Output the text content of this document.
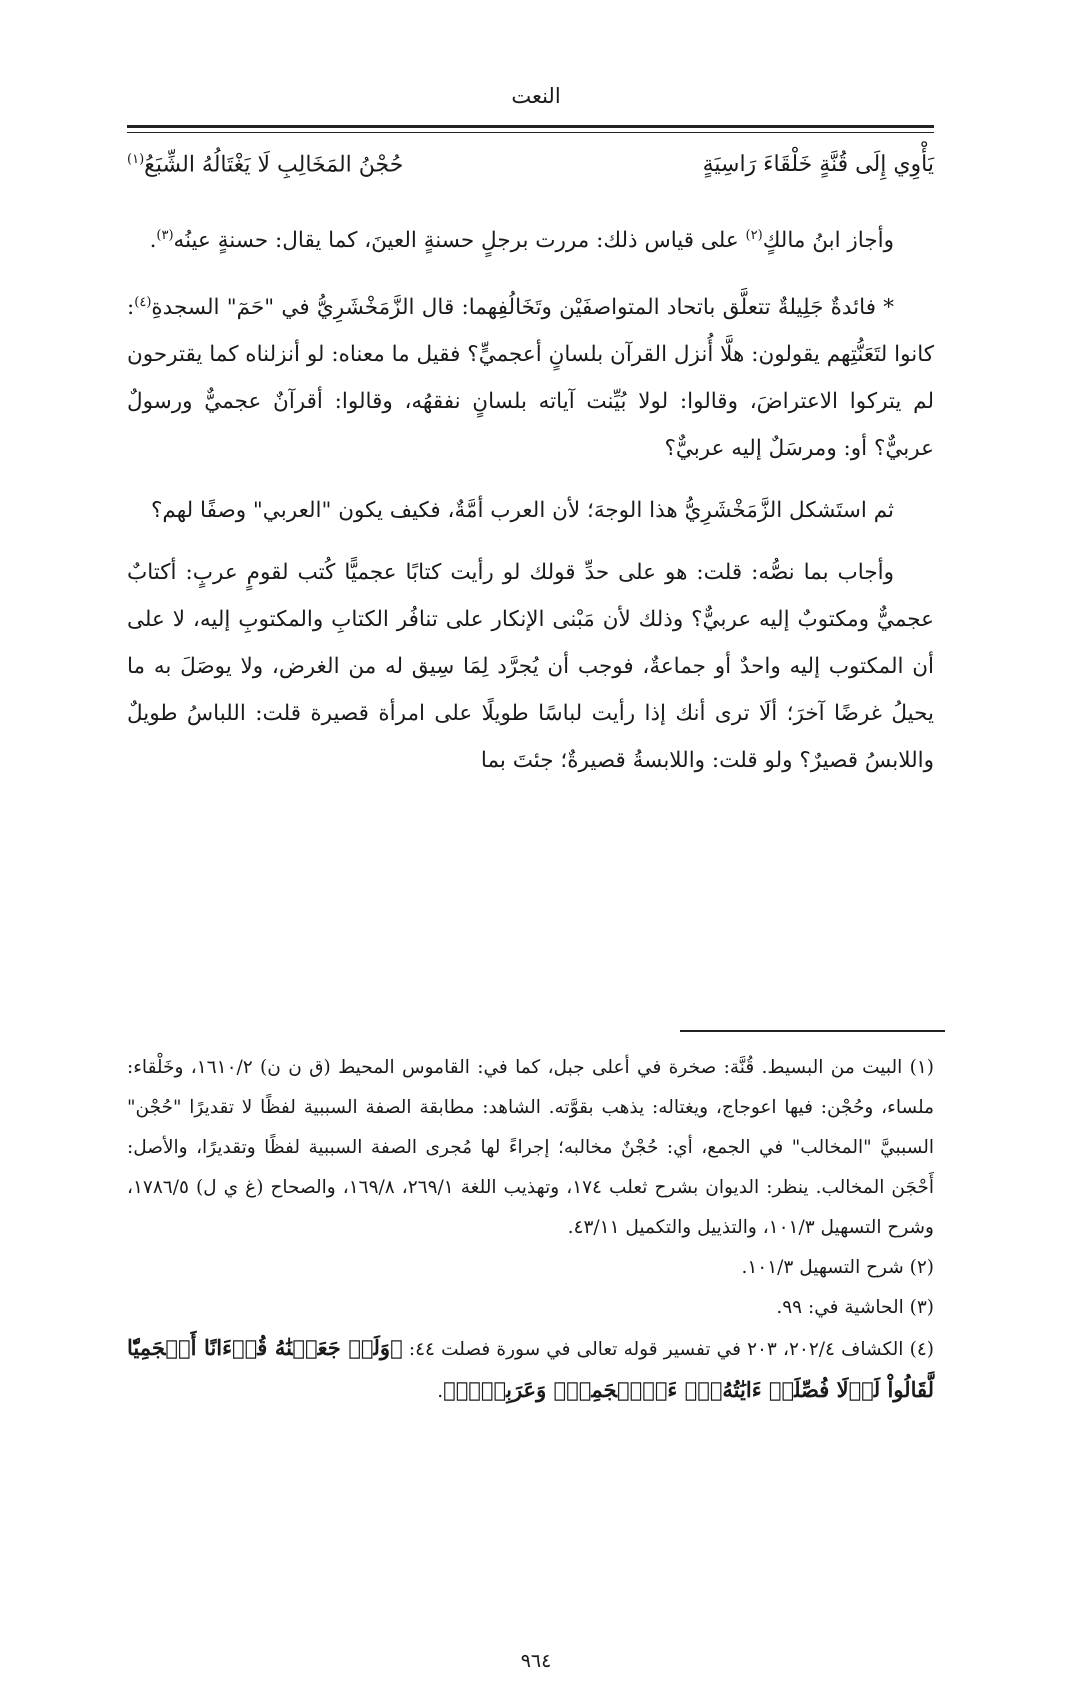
النعت
يَأْوِي إِلَى قُنَّةٍ خَلْقَاءَ رَاسِيَةٍ
حُجْنُ المَخَالِبِ لَا يَغْتَالُهُ الشِّبَعُ$^{(١)}$

وأجاز ابنُ مالكٍ$^{(٢)}$ على قياس ذلك: مررت برجلٍ حسنةٍ العينَ، كما يقال: حسنةٍ عينُه$^{(٣)}$.

* فائدةٌ جَلِيلةٌ تتعلَّق باتحاد المتواصفَيْن وتَخَالُفِهما: قال الزَّمَخْشَرِيُّ في "حَمٓ" السجدةِ$^{(٤)}$: كانوا لتَعَنُّتِهم يقولون: هلَّا أُنزل القرآن بلسانٍ أعجميٍّ؟ فقيل ما معناه: لو أنزلناه كما يقترحون لم يتركوا الاعتراضَ، وقالوا: لولا بُيِّنت آياته بلسانٍ نفقهُه، وقالوا: أقرآنٌ عجميٌّ ورسولٌ عربيٌّ؟ أو: ومرسَلٌ إليه عربيٌّ؟

ثم استَشكل الزَّمَخْشَرِيُّ هذا الوجهَ؛ لأن العرب أمَّةٌ، فكيف يكون "العربي" وصفًا لهم؟

وأجاب بما نصُّه: قلت: هو على حدِّ قولك لو رأيت كتابًا عجميًّا كُتب لقومٍ عربٍ: أكتابٌ عجميٌّ ومكتوبٌ إليه عربيٌّ؟ وذلك لأن مَبْنى الإنكار على تنافُر الكتابِ والمكتوبِ إليه، لا على أن المكتوب إليه واحدٌ أو جماعةٌ، فوجب أن يُجرَّد لِمَا سِيق له من الغرض، ولا يوصَلَ به ما يحيلُ غرضًا آخرَ؛ ألَا ترى أنك إذا رأيت لباسًا طويلًا على امرأة قصيرة قلت: اللباسُ طويلٌ واللابسُ قصيرٌ؟ ولو قلت: واللابسةُ قصيرةٌ؛ جئتَ بما

(١) البيت من البسيط. قُنَّة: صخرة في أعلى جبل، كما في: القاموس المحيط (ق ن ن) ١٦١٠/٢، وخَلْقاء: ملساء، وحُجْن: فيها اعوجاج، ويغتاله: يذهب بقوَّته. الشاهد: مطابقة الصفة السببية لفظًا لا تقديرًا "حُجْن" السببيَّ "المخالب" في الجمع، أي: حُجْنٌ مخالبه؛ إجراءً لها مُجرى الصفة السببية لفظًا وتقديرًا، والأصل: أَحْجَن المخالب. ينظر: الديوان بشرح ثعلب ١٧٤، وتهذيب اللغة ٢٦٩/١، ١٦٩/٨، والصحاح (غ ي ل) ١٧٨٦/٥، وشرح التسهيل ١٠١/٣، والتذييل والتكميل ٤٣/١١.

(٢) شرح التسهيل ١٠١/٣.

(٣) الحاشية في: ٩٩.

(٤) الكشاف ٢٠٢/٤، ٢٠٣ في تفسير قوله تعالى في سورة فصلت ٤٤: ﴿وَلَوۡ جَعَلۡنَٰهُ قُرۡءَانًا أَعۡجَمِيّٗا لَّقَالُواْ لَوۡلَا فُصِّلَتۡ ءَايَٰتُهُۥٓۖ ءَا۬عۡجَمِيّٞ وَعَرَبِيّٞۗ﴾.

٩٦٤
